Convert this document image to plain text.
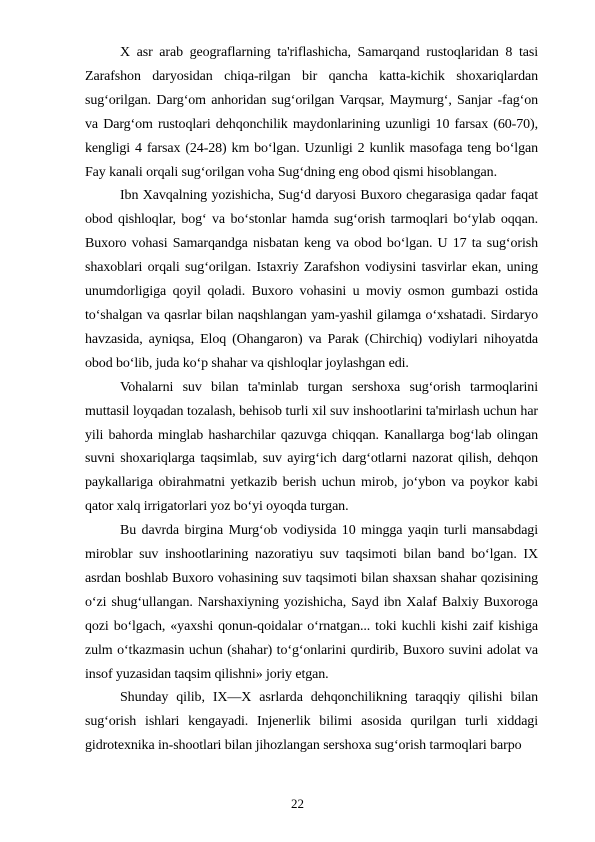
X asr arab geograflarning ta'riflashicha, Samarqand rustoqlaridan 8 tasi Zarafshon daryosidan chiqa-rilgan bir qancha katta-kichik shoxariqlardan sug‘orilgan. Darg‘om anhoridan sug‘orilgan Varqsar, Maymurg‘, Sanjar -fag‘on va Darg‘om rustoqlari dehqonchilik maydonlarining uzunligi 10 farsax (60-70), kengligi 4 farsax (24-28) km bo‘lgan. Uzunligi 2 kunlik masofaga teng bo‘lgan Fay kanali orqali sug‘orilgan voha Sug‘dning eng obod qismi hisoblangan.

Ibn Xavqalning yozishicha, Sug‘d daryosi Buxoro chegarasiga qadar faqat obod qishloqlar, bog‘ va bo‘stonlar hamda sug‘orish tarmoqlari bo‘ylab oqqan. Buxoro vohasi Samarqandga nisbatan keng va obod bo‘lgan. U 17 ta sug‘orish shaxoblari orqali sug‘orilgan. Istaxriy Zarafshon vodiysini tasvirlar ekan, uning unumdorligiga qoyil qoladi. Buxoro vohasini u moviy osmon gumbazi ostida to‘shalgan va qasrlar bilan naqshlangan yam-yashil gilamga o‘xshatadi. Sirdaryo havzasida, ayniqsa, Eloq (Ohangaron) va Parak (Chirchiq) vodiylari nihoyatda obod bo‘lib, juda ko‘p shahar va qishloqlar joylashgan edi.

Vohalarni suv bilan ta'minlab turgan sershoxa sug‘orish tarmoqlarini muttasil loyqadan tozalash, behisob turli xil suv inshootlarini ta'mirlash uchun har yili bahorda minglab hasharchilar qazuvga chiqqan. Kanallarga bog‘lab olingan suvni shoxariqlarga taqsimlab, suv ayirg‘ich darg‘otlarni nazorat qilish, dehqon paykallariga obirahmatni yetkazib berish uchun mirob, jo‘ybon va poykor kabi qator xalq irrigatorlari yoz bo‘yi oyoqda turgan.

Bu davrda birgina Murg‘ob vodiysida 10 mingga yaqin turli mansabdagi miroblar suv inshootlarining nazoratiyu suv taqsimoti bilan band bo‘lgan. IX asrdan boshlab Buxoro vohasining suv taqsimoti bilan shaxsan shahar qozisining o‘zi shug‘ullangan. Narshaxiyning yozishicha, Sayd ibn Xalaf Balxiy Buxoroga qozi bo‘lgach, «yaxshi qonun-qoidalar o‘rnatgan... toki kuchli kishi zaif kishiga zulm o‘tkazmasin uchun (shahar) to‘g‘onlarini qurdirib, Buxoro suvini adolat va insof yuzasidan taqsim qilishni» joriy etgan.

Shunday qilib, IX—X asrlarda dehqonchilikning taraqqiy qilishi bilan sug‘orish ishlari kengayadi. Injenerlik bilimi asosida qurilgan turli xiddagi gidrotexnika in-shootlari bilan jihozlangan sershoxa sug‘orish tarmoqlari barpo

22
